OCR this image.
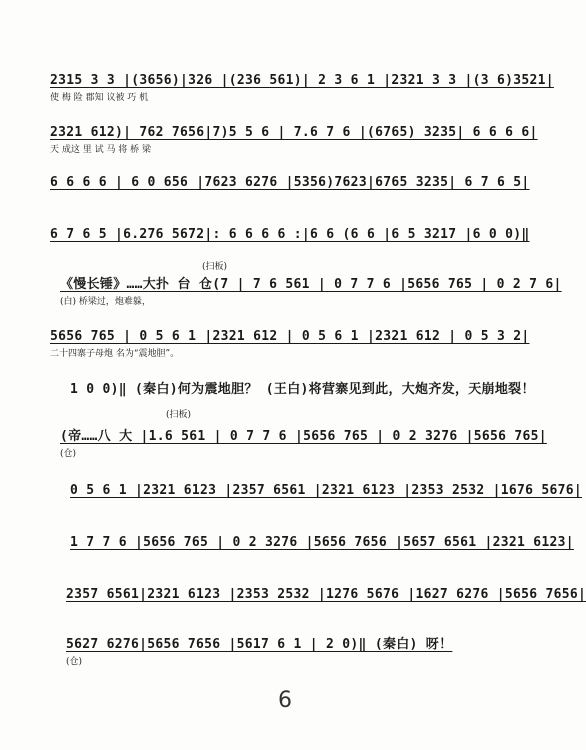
2315 3 3 |(3656)|326 |(236 561)| 2 3 6 1 |2321 3 3 |(3 6)3521|
使 梅 险 郡知 议被 巧 机
2321 612)| 762 7656|7)5 5 6 | 7.6 7 6 |(6765) 3235| 6 6 6 6|
天 成这 里 试 马 将 桥 梁
6 6 6 6 | 6 0 656 |7623 6276 |5356)7623|6765 3235| 6 7 6 5|
6 7 6 5 |6.276 5672|: 6 6 6 6 :|6 6 (6 6 |6 5 3217 |6 0 0)‖
(扫板)
《慢长锤》……大扑 台 仓(7 | 7 6 561 | 0 7 7 6 |5656 765 | 0 2 7 6|
(白) 桥梁过，炮难躲，
5656 765 | 0 5 6 1 |2321 612 | 0 5 6 1 |2321 612 | 0 5 3 2|
二十四寨子母炮 名为“震地胆”。
1 0 0)‖ (秦白)何为震地胆？ (王白)将营寨见到此，大炮齐发，天崩地裂！
(扫板)
(帝……八 大 |1.6 561 | 0 7 7 6 |5656 765 | 0 2 3276 |5656 765|
(仓)
0 5 6 1 |2321 6123 |2357 6561 |2321 6123 |2353 2532 |1676 5676|
1 7 7 6 |5656 765 | 0 2 3276 |5656 7656 |5657 6561 |2321 6123|
2357 6561|2321 6123 |2353 2532 |1276 5676 |1627 6276 |5656 7656|
5627 6276|5656 7656 |5617 6 1 | 2 0)‖ (秦白) 呀！
(仓)
6
